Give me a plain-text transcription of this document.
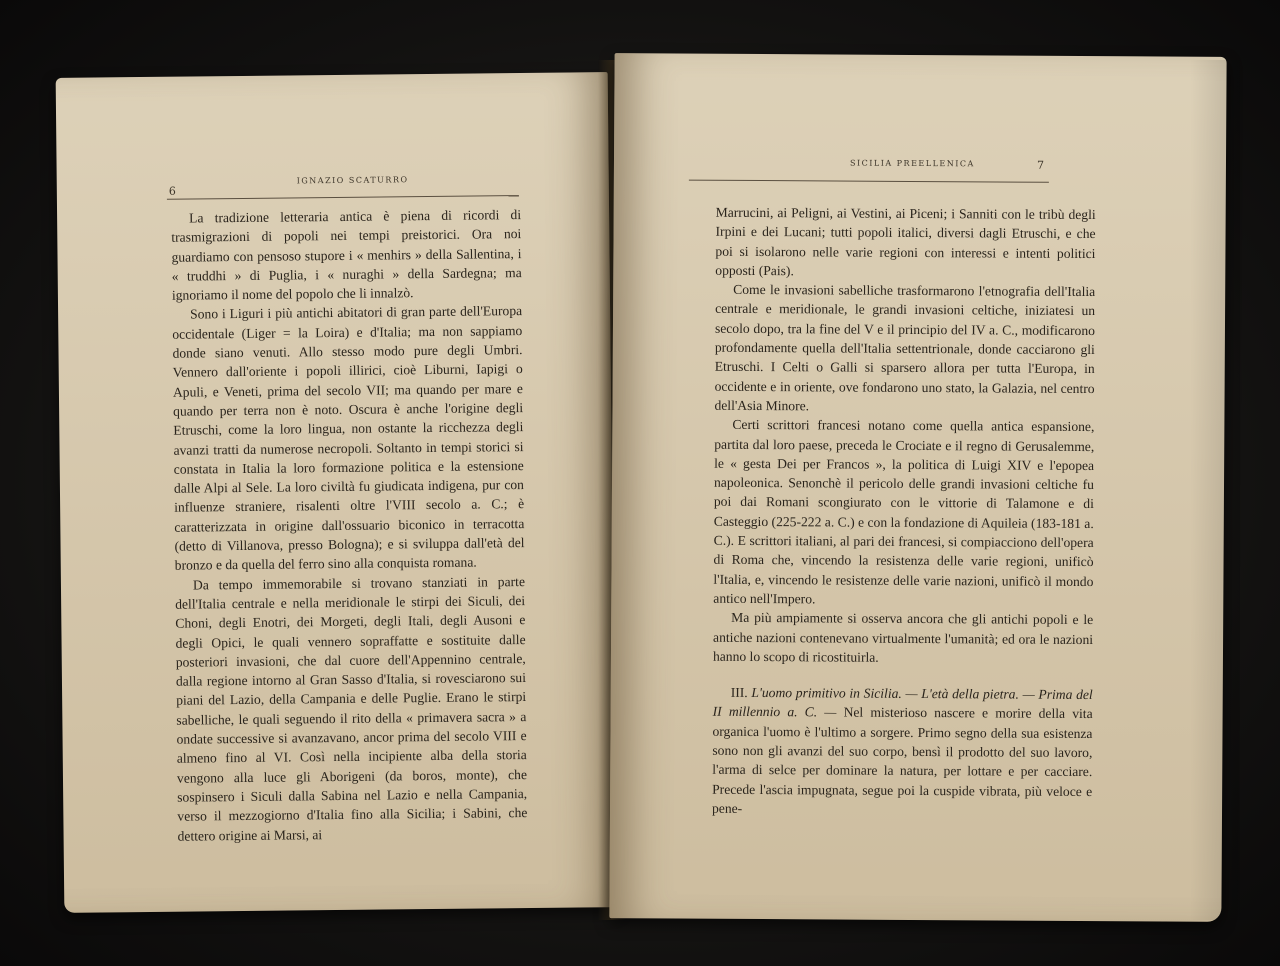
6
IGNAZIO SCATURRO

La tradizione letteraria antica è piena di ricordi di trasmigrazioni di popoli nei tempi preistorici. Ora noi guardiamo con pensoso stupore i « menhirs » della Sallentina, i « truddhi » di Puglia, i « nuraghi » della Sardegna; ma ignoriamo il nome del popolo che li innalzò.

Sono i Liguri i più antichi abitatori di gran parte dell'Europa occidentale (Liger = la Loira) e d'Italia; ma non sappiamo donde siano venuti. Allo stesso modo pure degli Umbri. Vennero dall'oriente i popoli illirici, cioè Liburni, Iapigi o Apuli, e Veneti, prima del secolo VII; ma quando per mare e quando per terra non è noto. Oscura è anche l'origine degli Etruschi, come la loro lingua, non ostante la ricchezza degli avanzi tratti da numerose necropoli. Soltanto in tempi storici si constata in Italia la loro formazione politica e la estensione dalle Alpi al Sele. La loro civiltà fu giudicata indigena, pur con influenze straniere, risalenti oltre l'VIII secolo a. C.; è caratterizzata in origine dall'ossuario biconico in terracotta (detto di Villanova, presso Bologna); e si sviluppa dall'età del bronzo e da quella del ferro sino alla conquista romana.

Da tempo immemorabile si trovano stanziati in parte dell'Italia centrale e nella meridionale le stirpi dei Siculi, dei Choni, degli Enotri, dei Morgeti, degli Itali, degli Ausoni e degli Opici, le quali vennero sopraffatte e sostituite dalle posteriori invasioni, che dal cuore dell'Appennino centrale, dalla regione intorno al Gran Sasso d'Italia, si rovesciarono sui piani del Lazio, della Campania e delle Puglie. Erano le stirpi sabelliche, le quali seguendo il rito della « primavera sacra » a ondate successive si avanzavano, ancor prima del secolo VIII e almeno fino al VI. Così nella incipiente alba della storia vengono alla luce gli Aborigeni (da boros, monte), che sospinsero i Siculi dalla Sabina nel Lazio e nella Campania, verso il mezzogiorno d'Italia fino alla Sicilia; i Sabini, che dettero origine ai Marsi, ai

SICILIA PREELLENICA	7

Marrucini, ai Peligni, ai Vestini, ai Piceni; i Sanniti con le tribù degli Irpini e dei Lucani; tutti popoli italici, diversi dagli Etruschi, e che poi si isolarono nelle varie regioni con interessi e intenti politici opposti (Pais).

Come le invasioni sabelliche trasformarono l'etnografia dell'Italia centrale e meridionale, le grandi invasioni celtiche, iniziatesi un secolo dopo, tra la fine del V e il principio del IV a. C., modificarono profondamente quella dell'Italia settentrionale, donde cacciarono gli Etruschi. I Celti o Galli si sparsero allora per tutta l'Europa, in occidente e in oriente, ove fondarono uno stato, la Galazia, nel centro dell'Asia Minore.

Certi scrittori francesi notano come quella antica espansione, partita dal loro paese, preceda le Crociate e il regno di Gerusalemme, le « gesta Dei per Francos », la politica di Luigi XIV e l'epopea napoleonica. Senonchè il pericolo delle grandi invasioni celtiche fu poi dai Romani scongiurato con le vittorie di Talamone e di Casteggio (225-222 a. C.) e con la fondazione di Aquileia (183-181 a. C.). E scrittori italiani, al pari dei francesi, si compiacciono dell'opera di Roma che, vincendo la resistenza delle varie regioni, unificò l'Italia, e, vincendo le resistenze delle varie nazioni, unificò il mondo antico nell'Impero.

Ma più ampiamente si osserva ancora che gli antichi popoli e le antiche nazioni contenevano virtualmente l'umanità; ed ora le nazioni hanno lo scopo di ricostituirla.

III. L'uomo primitivo in Sicilia. — L'età della pietra. — Prima del II millennio a. C. — Nel misterioso nascere e morire della vita organica l'uomo è l'ultimo a sorgere. Primo segno della sua esistenza sono non gli avanzi del suo corpo, bensì il prodotto del suo lavoro, l'arma di selce per dominare la natura, per lottare e per cacciare. Precede l'ascia impugnata, segue poi la cuspide vibrata, più veloce e pene-
